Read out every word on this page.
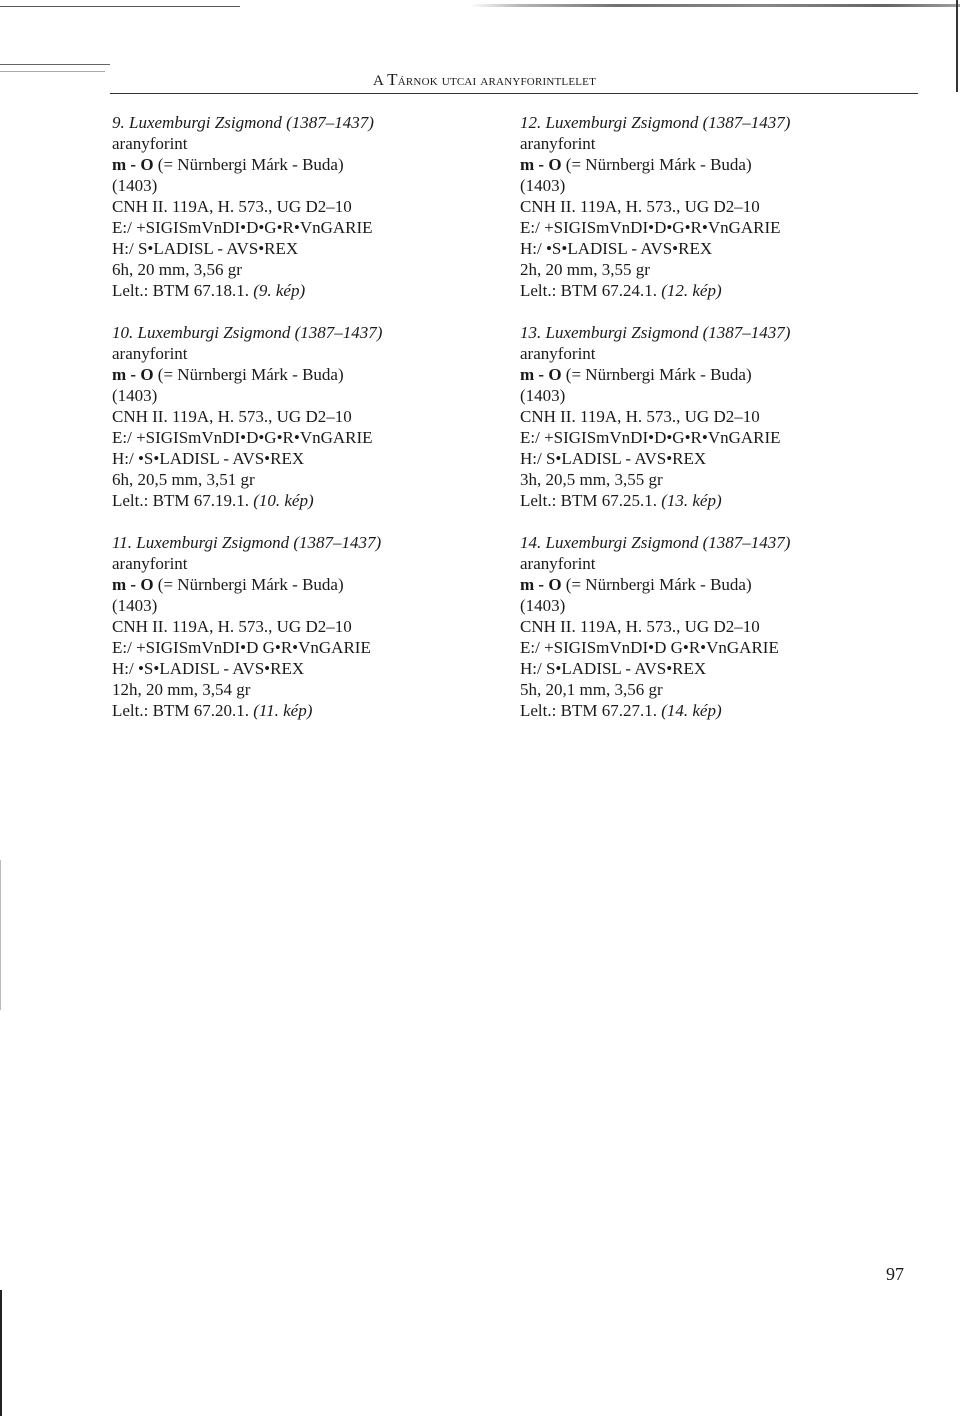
A Tárnok utcai aranyforintlelet
9. Luxemburgi Zsigmond (1387–1437)
aranyforint
m - O (= Nürnbergi Márk - Buda)
(1403)
CNH II. 119A, H. 573., UG D2–10
E:/ +SIGISmVnDI•D•G•R•VnGARIE
H:/ S•LADISL - AVS•REX
6h, 20 mm, 3,56 gr
Lelt.: BTM 67.18.1. (9. kép)
10. Luxemburgi Zsigmond (1387–1437)
aranyforint
m - O (= Nürnbergi Márk - Buda)
(1403)
CNH II. 119A, H. 573., UG D2–10
E:/ +SIGISmVnDI•D•G•R•VnGARIE
H:/ •S•LADISL - AVS•REX
6h, 20,5 mm, 3,51 gr
Lelt.: BTM 67.19.1. (10. kép)
11. Luxemburgi Zsigmond (1387–1437)
aranyforint
m - O (= Nürnbergi Márk - Buda)
(1403)
CNH II. 119A, H. 573., UG D2–10
E:/ +SIGISmVnDI•D G•R•VnGARIE
H:/ •S•LADISL - AVS•REX
12h, 20 mm, 3,54 gr
Lelt.: BTM 67.20.1. (11. kép)
12. Luxemburgi Zsigmond (1387–1437)
aranyforint
m - O (= Nürnbergi Márk - Buda)
(1403)
CNH II. 119A, H. 573., UG D2–10
E:/ +SIGISmVnDI•D•G•R•VnGARIE
H:/ •S•LADISL - AVS•REX
2h, 20 mm, 3,55 gr
Lelt.: BTM 67.24.1. (12. kép)
13. Luxemburgi Zsigmond (1387–1437)
aranyforint
m - O (= Nürnbergi Márk - Buda)
(1403)
CNH II. 119A, H. 573., UG D2–10
E:/ +SIGISmVnDI•D•G•R•VnGARIE
H:/ S•LADISL - AVS•REX
3h, 20,5 mm, 3,55 gr
Lelt.: BTM 67.25.1. (13. kép)
14. Luxemburgi Zsigmond (1387–1437)
aranyforint
m - O (= Nürnbergi Márk - Buda)
(1403)
CNH II. 119A, H. 573., UG D2–10
E:/ +SIGISmVnDI•D G•R•VnGARIE
H:/ S•LADISL - AVS•REX
5h, 20,1 mm, 3,56 gr
Lelt.: BTM 67.27.1. (14. kép)
97
